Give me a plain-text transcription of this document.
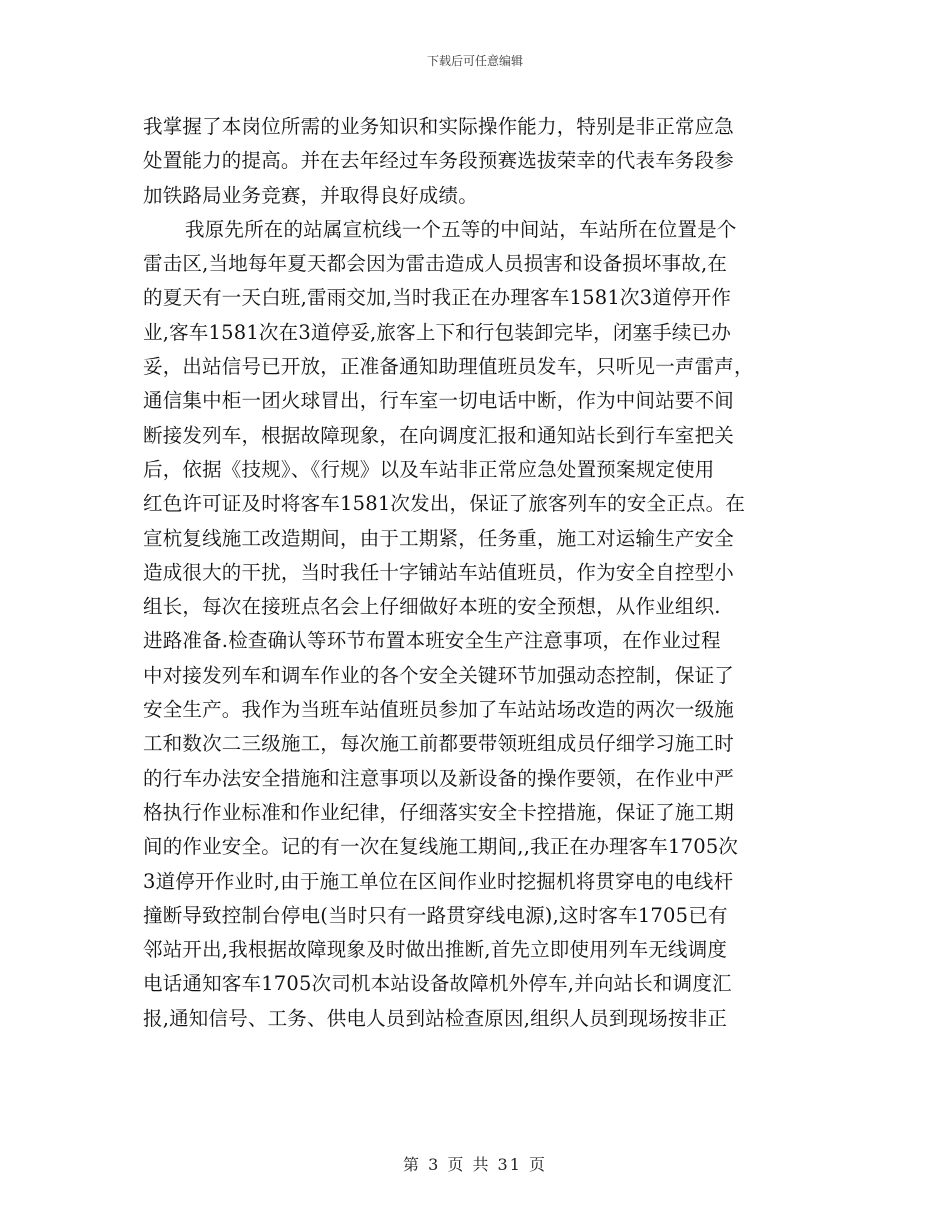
下载后可任意编辑
我掌握了本岗位所需的业务知识和实际操作能力，特别是非正常应急
处置能力的提高。并在去年经过车务段预赛选拔荣幸的代表车务段参
加铁路局业务竞赛，并取得良好成绩。
我原先所在的站属宣杭线一个五等的中间站，车站所在位置是个
雷击区,当地每年夏天都会因为雷击造成人员损害和设备损坏事故,在
的夏天有一天白班,雷雨交加,当时我正在办理客车1581次3道停开作
业,客车1581次在3道停妥,旅客上下和行包装卸完毕，闭塞手续已办
妥，出站信号已开放，正准备通知助理值班员发车，只听见一声雷声，
通信集中柜一团火球冒出，行车室一切电话中断，作为中间站要不间
断接发列车，根据故障现象，在向调度汇报和通知站长到行车室把关
后，依据《技规》、《行规》以及车站非正常应急处置预案规定使用
红色许可证及时将客车1581次发出，保证了旅客列车的安全正点。在
宣杭复线施工改造期间，由于工期紧，任务重，施工对运输生产安全
造成很大的干扰，当时我任十字铺站车站值班员，作为安全自控型小
组长，每次在接班点名会上仔细做好本班的安全预想，从作业组织.
进路准备.检查确认等环节布置本班安全生产注意事项，在作业过程
中对接发列车和调车作业的各个安全关键环节加强动态控制，保证了
安全生产。我作为当班车站值班员参加了车站站场改造的两次一级施
工和数次二三级施工，每次施工前都要带领班组成员仔细学习施工时
的行车办法安全措施和注意事项以及新设备的操作要领，在作业中严
格执行作业标准和作业纪律，仔细落实安全卡控措施，保证了施工期
间的作业安全。记的有一次在复线施工期间,,我正在办理客车1705次
3道停开作业时,由于施工单位在区间作业时挖掘机将贯穿电的电线杆
撞断导致控制台停电(当时只有一路贯穿线电源),这时客车1705已有
邻站开出,我根据故障现象及时做出推断,首先立即使用列车无线调度
电话通知客车1705次司机本站设备故障机外停车,并向站长和调度汇
报,通知信号、工务、供电人员到站检查原因,组织人员到现场按非正
第 3 页 共 31 页
